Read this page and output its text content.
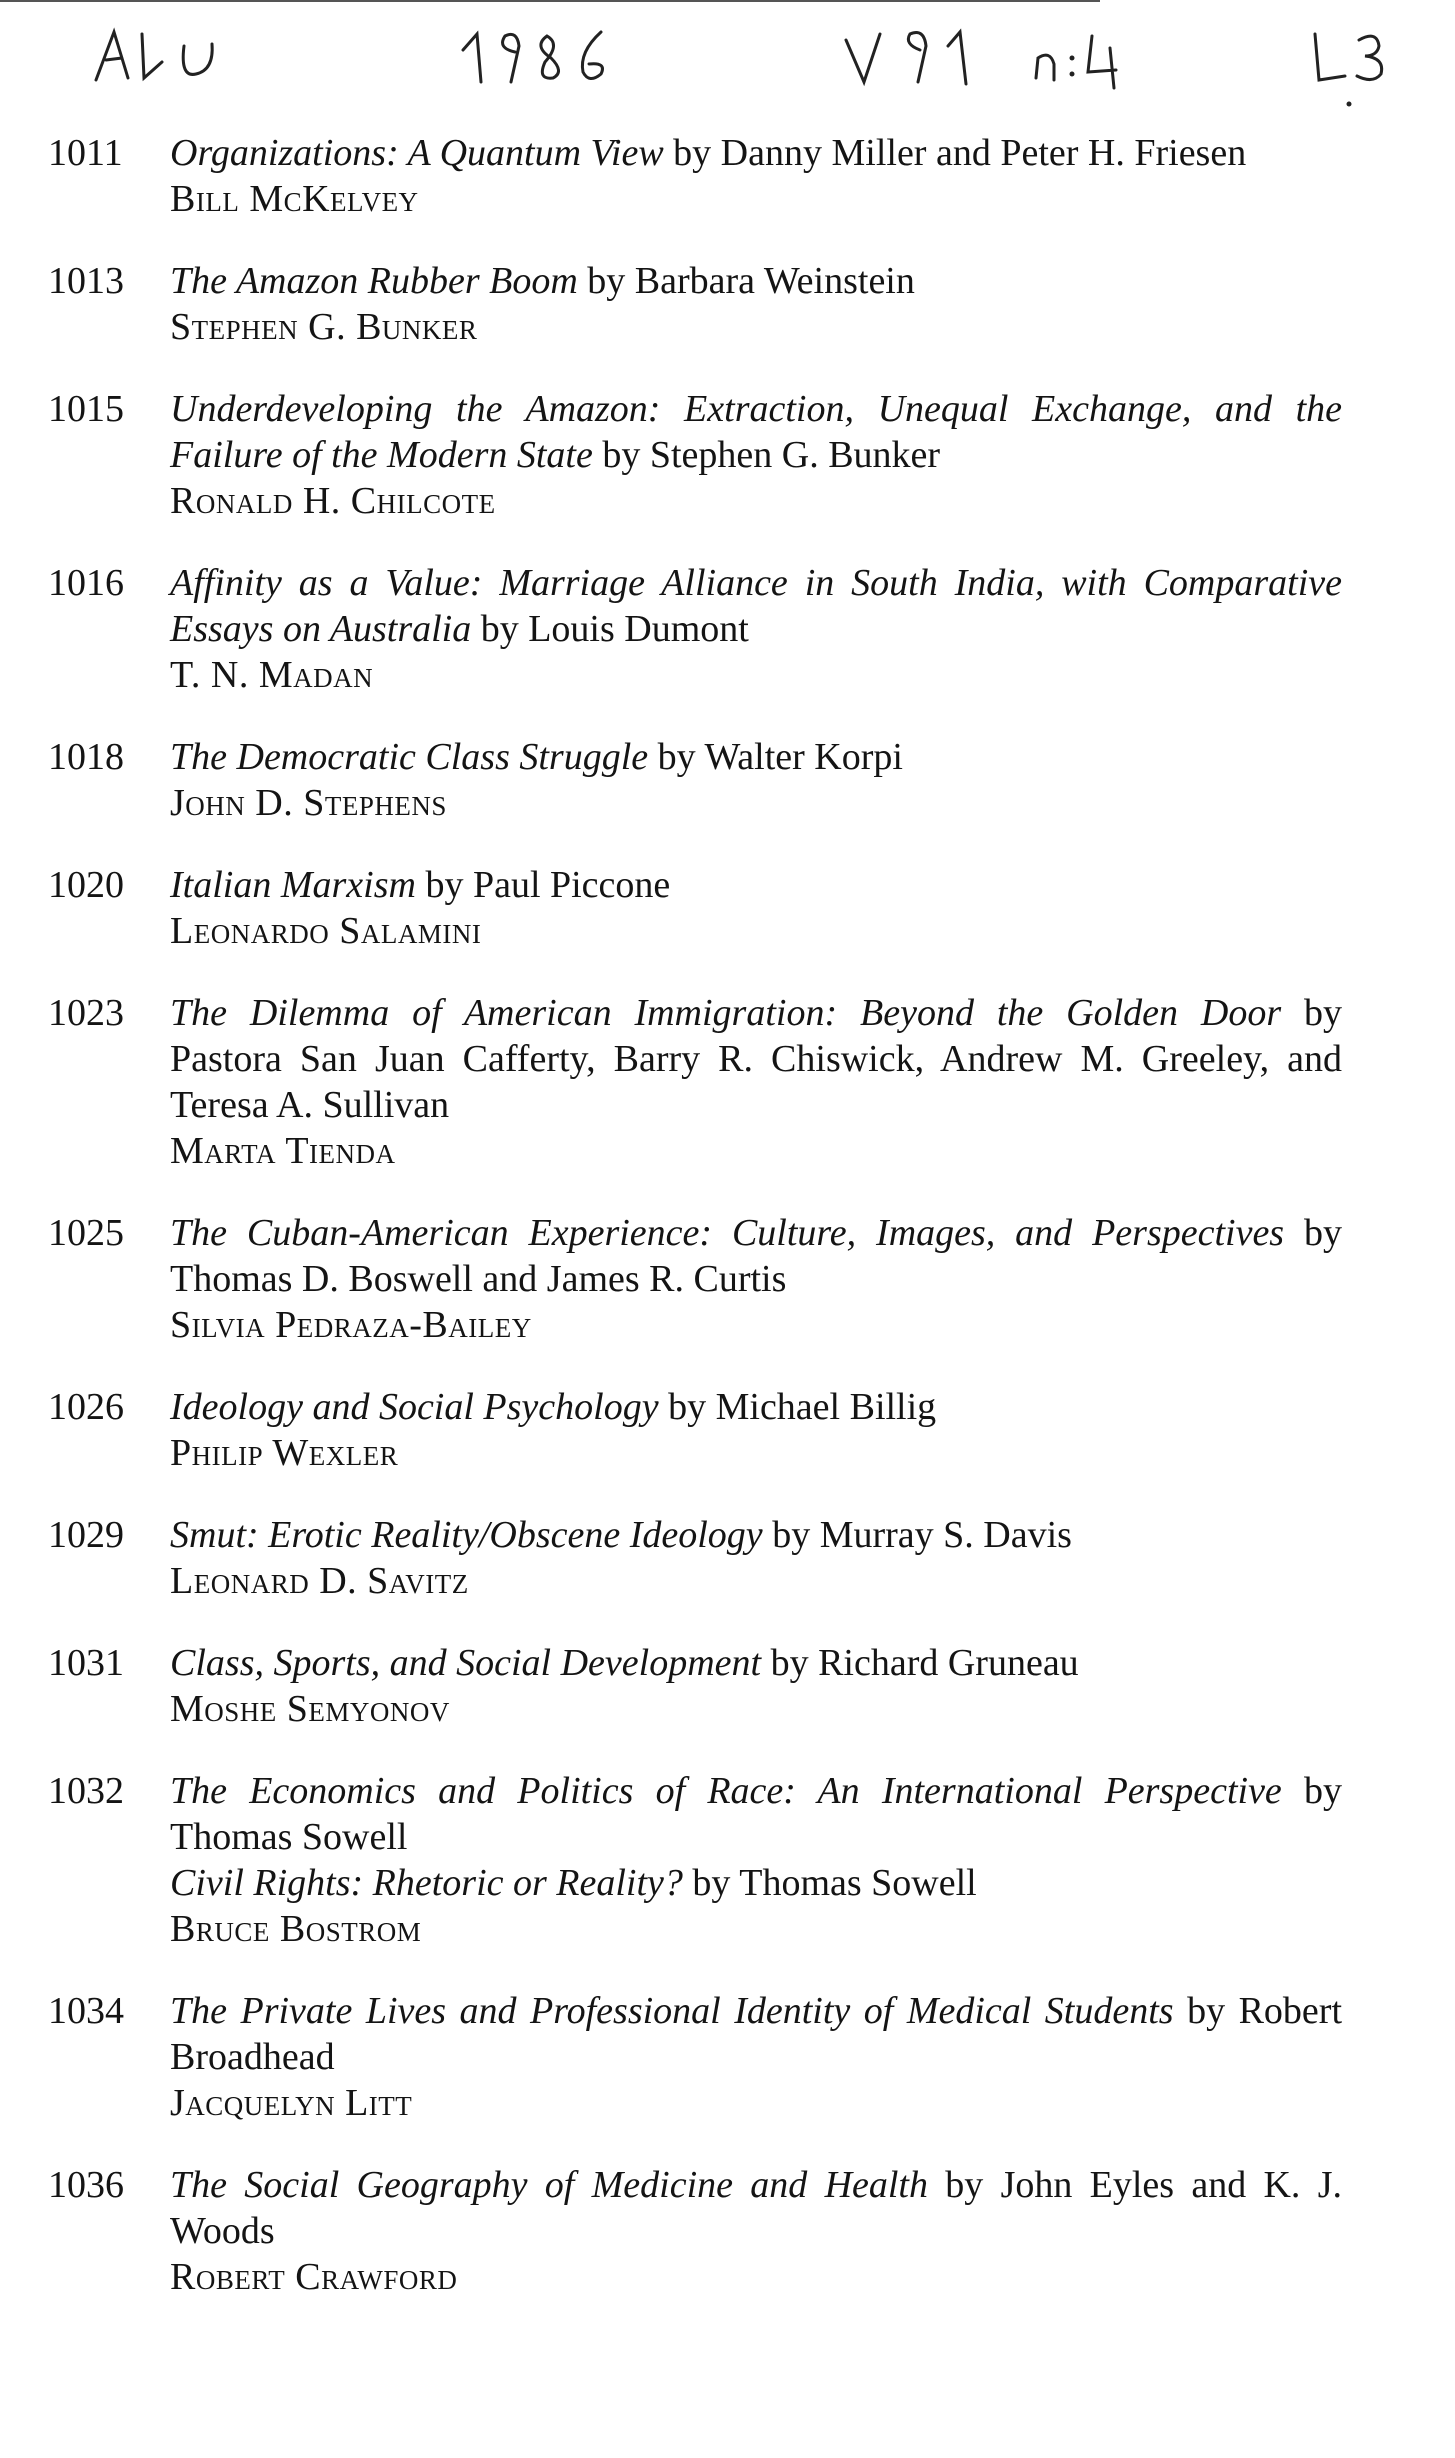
1011	Organizations: A Quantum View by Danny Miller and Peter H. Friesen
Bill McKelvey
1013	The Amazon Rubber Boom by Barbara Weinstein
Stephen G. Bunker
1015	Underdeveloping the Amazon: Extraction, Unequal Exchange, and the Failure of the Modern State by Stephen G. Bunker
Ronald H. Chilcote
1016	Affinity as a Value: Marriage Alliance in South India, with Comparative Essays on Australia by Louis Dumont
T. N. Madan
1018	The Democratic Class Struggle by Walter Korpi
John D. Stephens
1020	Italian Marxism by Paul Piccone
Leonardo Salamini
1023	The Dilemma of American Immigration: Beyond the Golden Door by Pastora San Juan Cafferty, Barry R. Chiswick, Andrew M. Greeley, and Teresa A. Sullivan
Marta Tienda
1025	The Cuban-American Experience: Culture, Images, and Perspectives by Thomas D. Boswell and James R. Curtis
Silvia Pedraza-Bailey
1026	Ideology and Social Psychology by Michael Billig
Philip Wexler
1029	Smut: Erotic Reality/Obscene Ideology by Murray S. Davis
Leonard D. Savitz
1031	Class, Sports, and Social Development by Richard Gruneau
Moshe Semyonov
1032	The Economics and Politics of Race: An International Perspective by Thomas Sowell
Civil Rights: Rhetoric or Reality? by Thomas Sowell
Bruce Bostrom
1034	The Private Lives and Professional Identity of Medical Students by Robert Broadhead
Jacquelyn Litt
1036	The Social Geography of Medicine and Health by John Eyles and K. J. Woods
Robert Crawford
